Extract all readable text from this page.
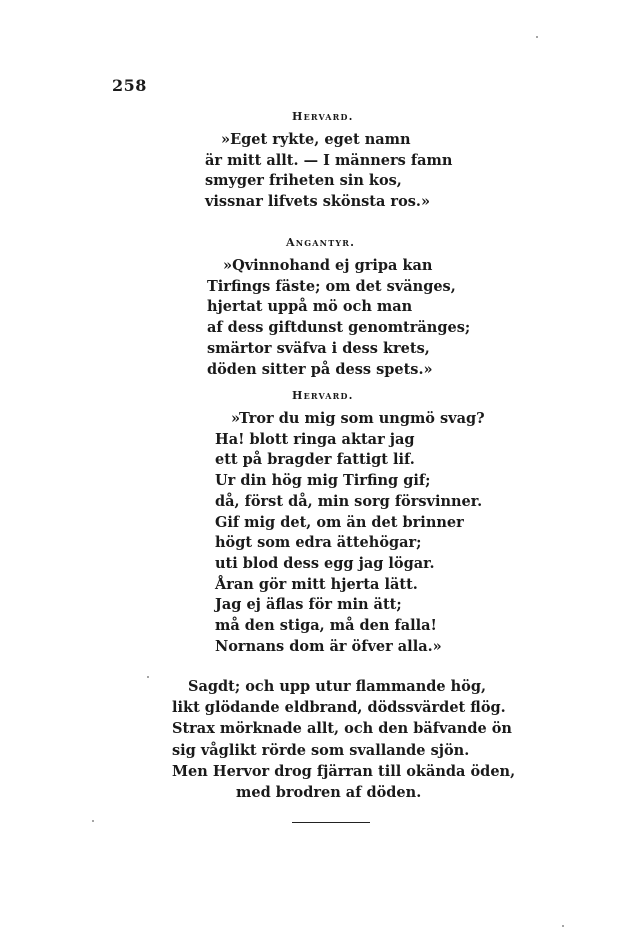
258
Hervard.
»Eget rykte, eget namn
är mitt allt. — I männers famn
smyger friheten sin kos,
vissnar lifvets skönsta ros.»
Angantyr.
»Qvinnohand ej gripa kan
Tirfings fäste; om det svänges,
hjertat uppå mö och man
af dess giftdunst genomtränges;
smärtor sväfva i dess krets,
döden sitter på dess spets.»
Hervard.
»Tror du mig som ungmö svag?
Ha! blott ringa aktar jag
ett på bragder fattigt lif.
Ur din hög mig Tirfing gif;
då, först då, min sorg försvinner.
Gif mig det, om än det brinner
högt som edra ättehögar;
uti blod dess egg jag lögar.
Åran gör mitt hjerta lätt.
Jag ej äflas för min ätt;
må den stiga, må den falla!
Nornans dom är öfver alla.»
Sagdt; och upp utur flammande hög,
likt glödande eldbrand, dödssvärdet flög.
Strax mörknade allt, och den bäfvande ön
sig våglikt rörde som svallande sjön.
Men Hervor drog fjärran till okända öden,
med brodren af döden.
